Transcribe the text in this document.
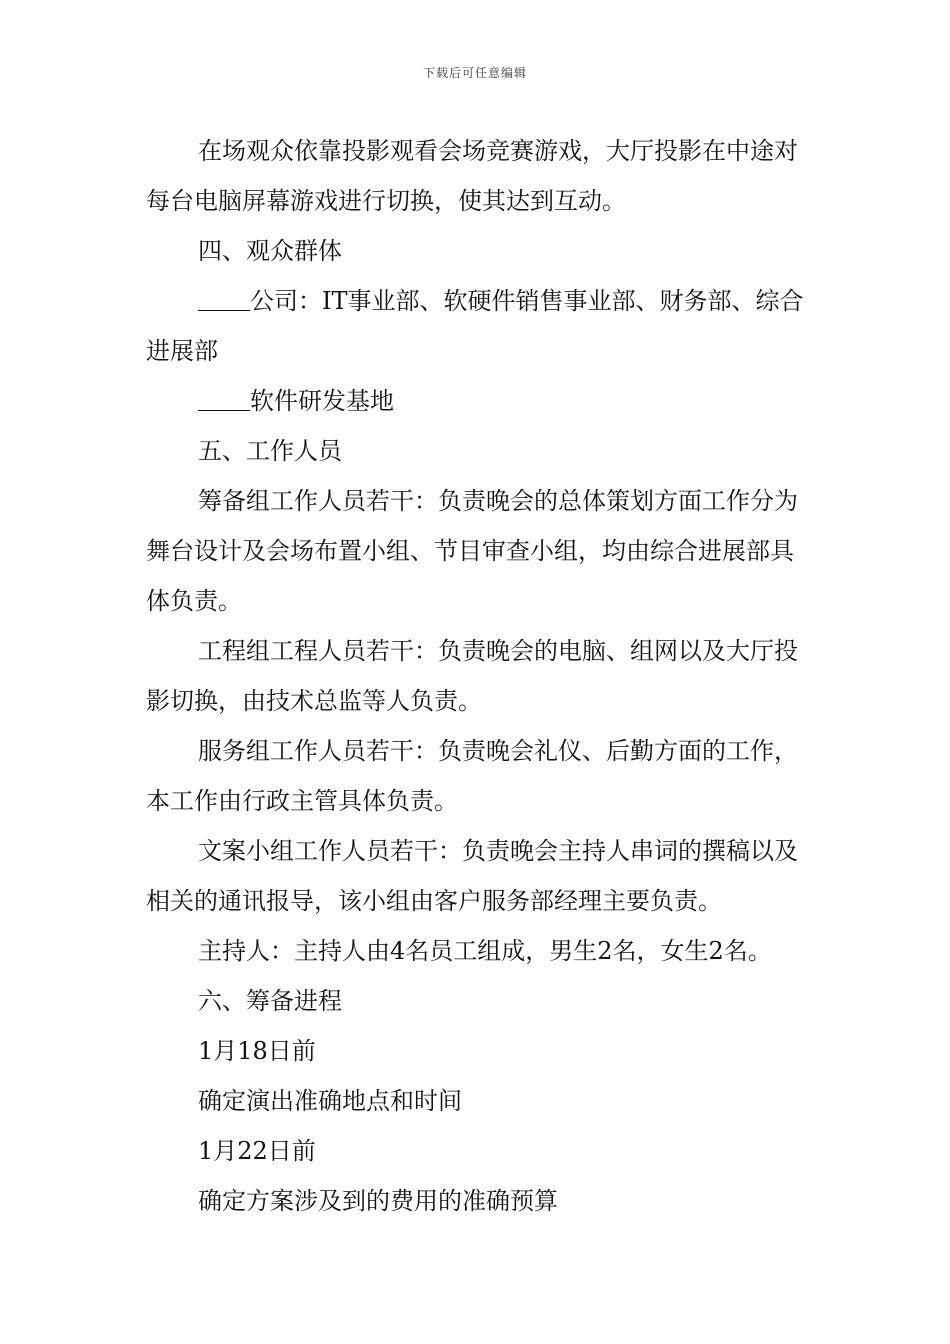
下载后可任意编辑

在场观众依靠投影观看会场竞赛游戏，大厅投影在中途对每台电脑屏幕游戏进行切换，使其达到互动。

四、观众群体

公司：IT事业部、软硬件销售事业部、财务部、综合进展部

软件研发基地

五、工作人员

筹备组工作人员若干：负责晚会的总体策划方面工作分为舞台设计及会场布置小组、节目审查小组，均由综合进展部具体负责。

工程组工程人员若干：负责晚会的电脑、组网以及大厅投影切换，由技术总监等人负责。

服务组工作人员若干：负责晚会礼仪、后勤方面的工作，本工作由行政主管具体负责。

文案小组工作人员若干：负责晚会主持人串词的撰稿以及相关的通讯报导，该小组由客户服务部经理主要负责。

主持人：主持人由4名员工组成，男生2名，女生2名。

六、筹备进程

1月18日前

确定演出准确地点和时间

1月22日前

确定方案涉及到的费用的准确预算
